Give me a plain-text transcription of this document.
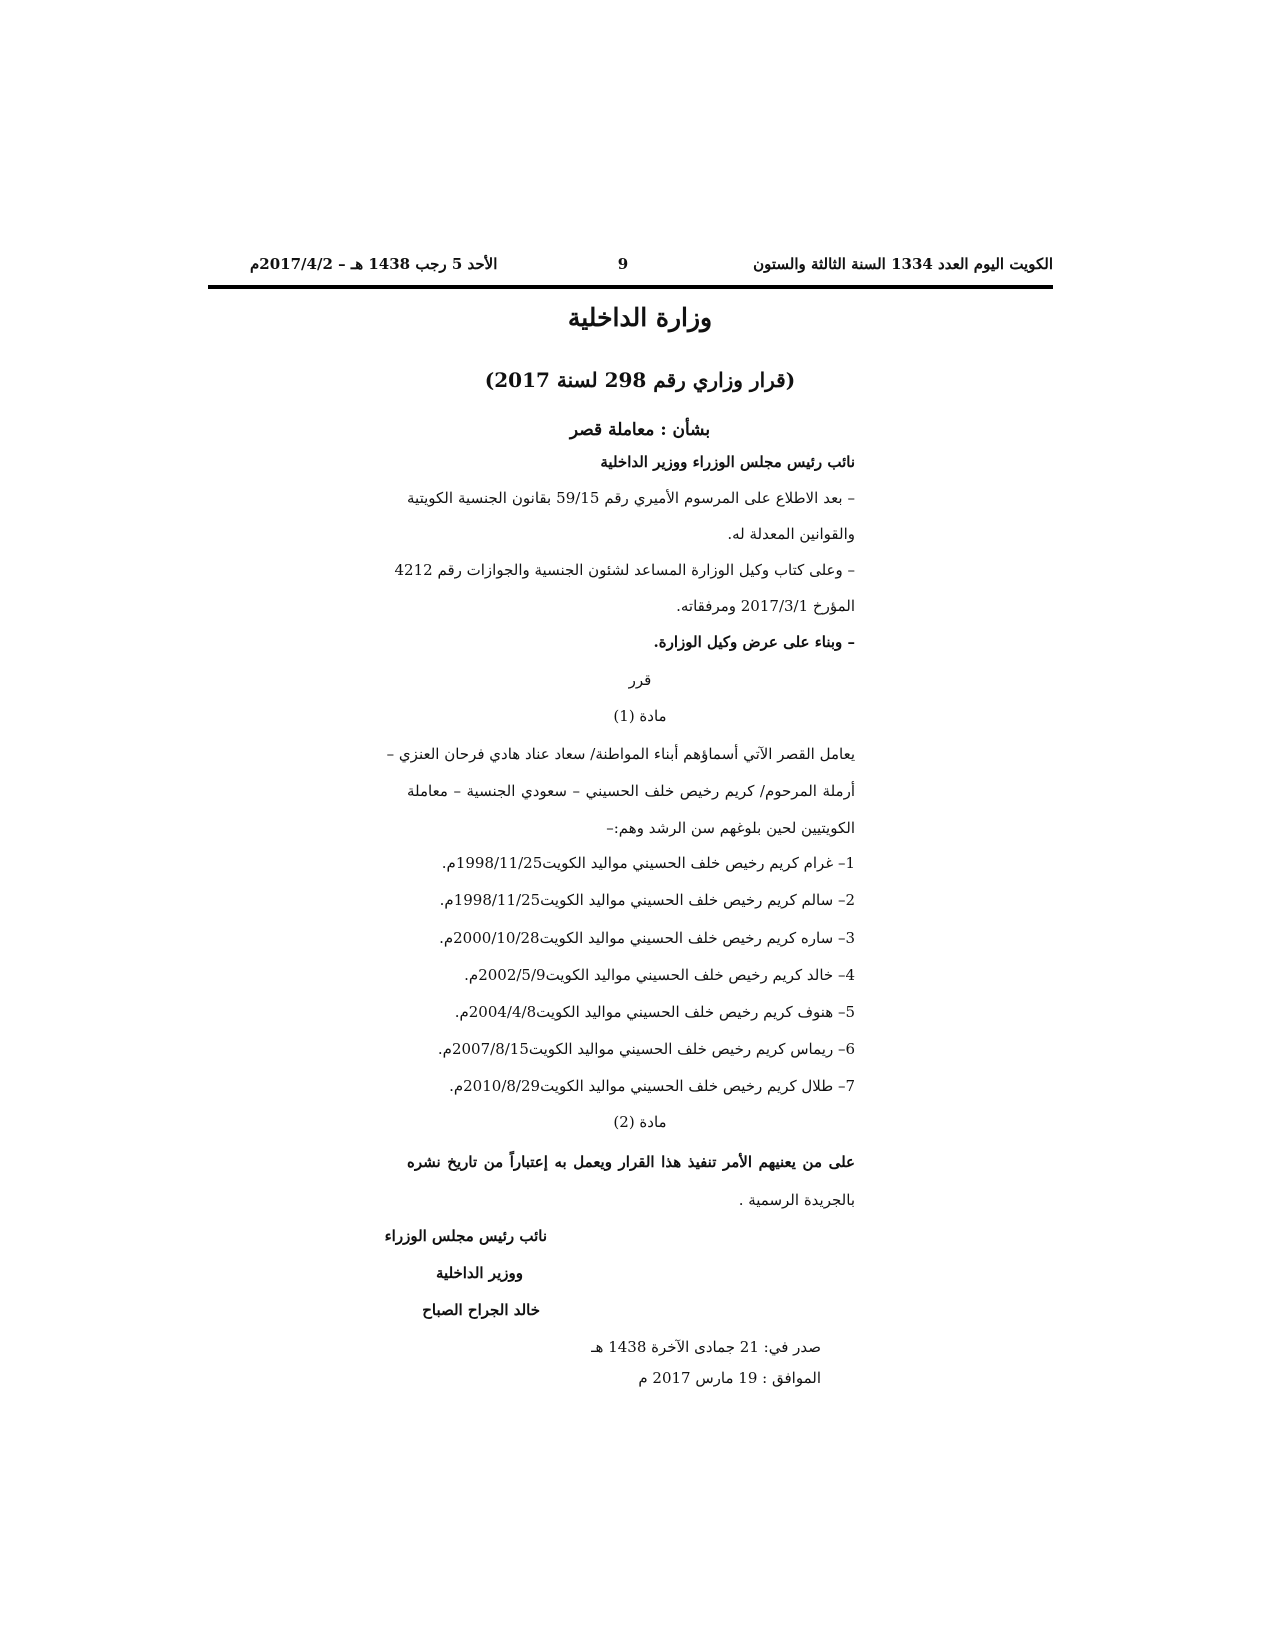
الكويت اليوم العدد 1334 السنة الثالثة والستون
9
الأحد 5 رجب 1438 هـ – 2017/4/2م
وزارة الداخلية
(قرار وزاري رقم 298 لسنة 2017)
بشأن : معاملة قصر
نائب رئيس مجلس الوزراء ووزير الداخلية
– بعد الاطلاع على المرسوم الأميري رقم 59/15 بقانون الجنسية الكويتية
والقوانين المعدلة له.
– وعلى كتاب وكيل الوزارة المساعد لشئون الجنسية والجوازات رقم 4212
المؤرخ 2017/3/1 ومرفقاته.
– وبناء على عرض وكيل الوزارة.
قرر
مادة (1)
يعامل القصر الآتي أسماؤهم أبناء المواطنة/ سعاد عناد هادي فرحان العنزي –
أرملة المرحوم/ كريم رخيص خلف الحسيني – سعودي الجنسية – معاملة
الكويتيين لحين بلوغهم سن الرشد وهم:–
1– غرام كريم رخيص خلف الحسيني مواليد الكويت1998/11/25م.
2– سالم كريم رخيص خلف الحسيني مواليد الكويت1998/11/25م.
3– ساره كريم رخيص خلف الحسيني مواليد الكويت2000/10/28م.
4– خالد كريم رخيص خلف الحسيني مواليد الكويت2002/5/9م.
5– هنوف كريم رخيص خلف الحسيني مواليد الكويت2004/4/8م.
6– ريماس كريم رخيص خلف الحسيني مواليد الكويت2007/8/15م.
7– طلال كريم رخيص خلف الحسيني مواليد الكويت2010/8/29م.
مادة (2)
على من يعنيهم الأمر تنفيذ هذا القرار ويعمل به إعتباراً من تاريخ نشره
بالجريدة الرسمية .
نائب رئيس مجلس الوزراء
ووزير الداخلية
خالد الجراح الصباح
صدر في: 21 جمادى الآخرة 1438 هـ
الموافق : 19 مارس 2017 م
